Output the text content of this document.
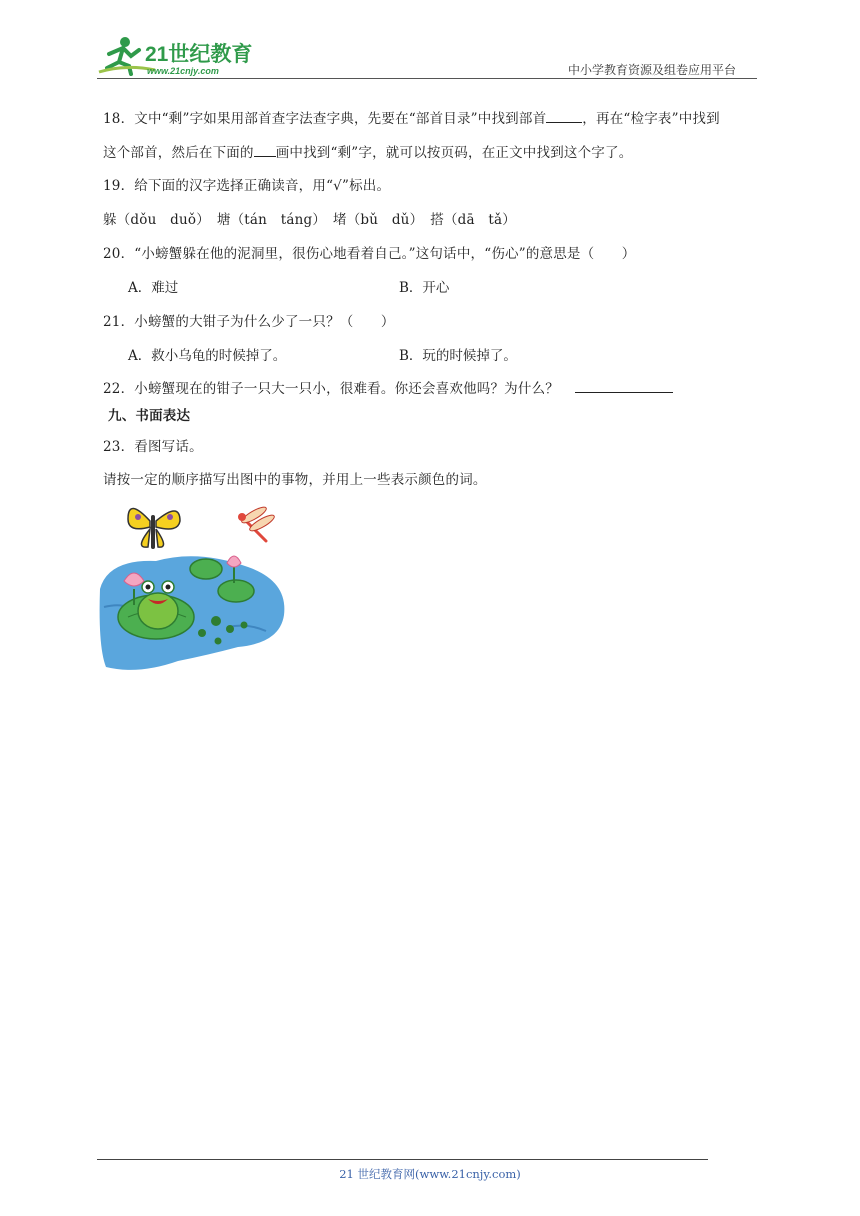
21世纪教育
www.21cnjy.com	中小学教育资源及组卷应用平台
18．文中“剩”字如果用部首查字法查字典，先要在“部首目录”中找到部首	，再在“检字表”中找到
这个部首，然后在下面的 画中找到“剩”字，就可以按页码，在正文中找到这个字了。
19．给下面的汉字选择正确读音，用“√”标出。
躲（dǒu　duǒ）　塘（tán　táng）　堵（bǔ　dǔ）　搭（dā　tǎ）
20．“小螃蟹躲在他的泥洞里，很伤心地看着自己。”这句话中，“伤心”的意思是（　　）
A．难过	B．开心
21．小螃蟹的大钳子为什么少了一只？（　　）
A．救小乌龟的时候掉了。	B．玩的时候掉了。
22．小螃蟹现在的钳子一只大一只小，很难看。你还会喜欢他吗？为什么？
九、书面表达
23．看图写话。
请按一定的顺序描写出图中的事物，并用上一些表示颜色的词。
21 世纪教育网(www.21cnjy.com)
